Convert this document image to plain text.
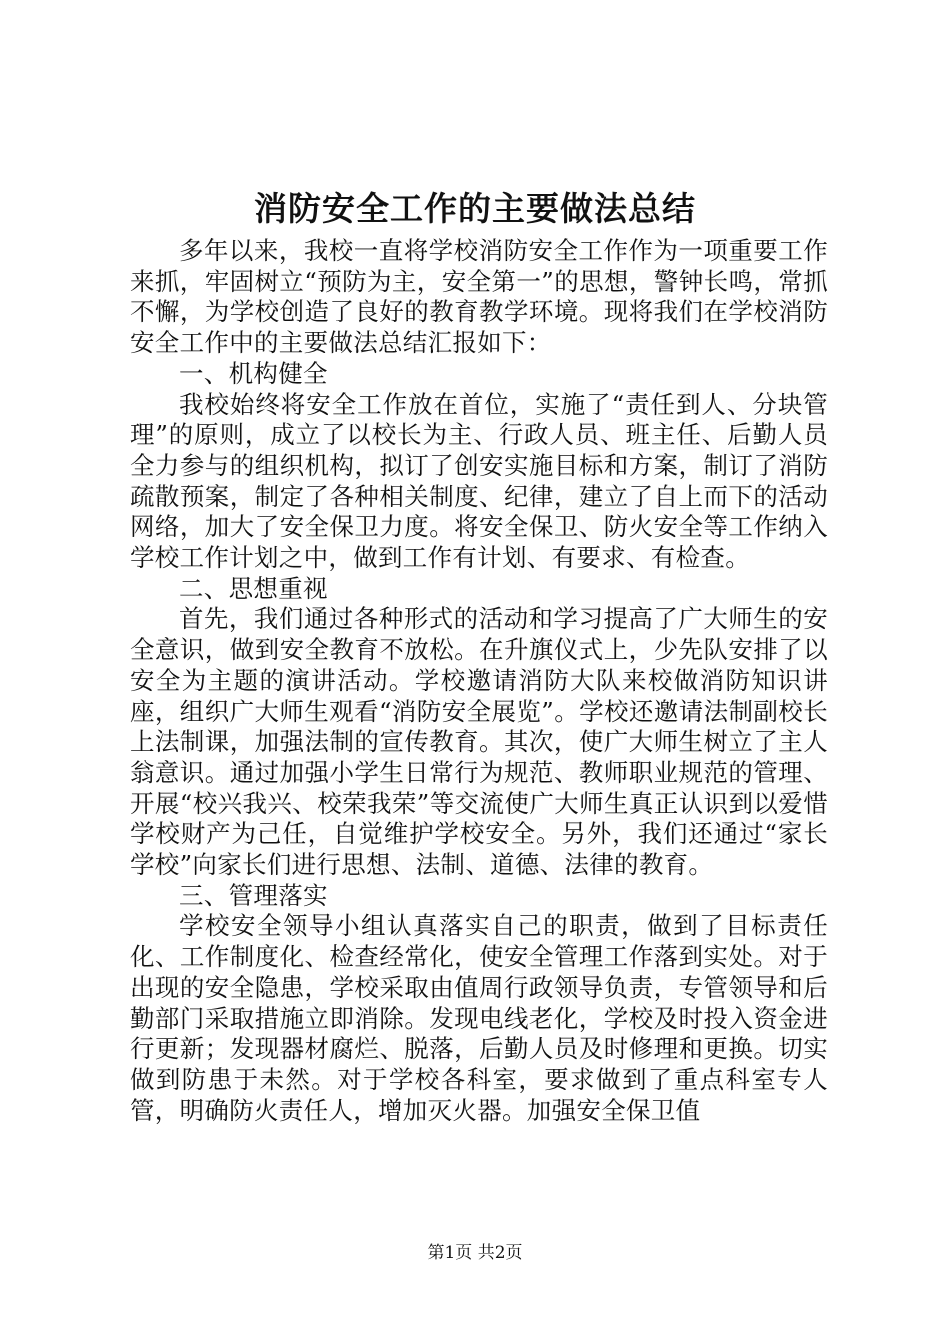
消防安全工作的主要做法总结

多年以来，我校一直将学校消防安全工作作为一项重要工作来抓，牢固树立“预防为主，安全第一”的思想，警钟长鸣，常抓不懈，为学校创造了良好的教育教学环境。现将我们在学校消防安全工作中的主要做法总结汇报如下：

一、机构健全

我校始终将安全工作放在首位，实施了“责任到人、分块管理”的原则，成立了以校长为主、行政人员、班主任、后勤人员全力参与的组织机构，拟订了创安实施目标和方案，制订了消防疏散预案，制定了各种相关制度、纪律，建立了自上而下的活动网络，加大了安全保卫力度。将安全保卫、防火安全等工作纳入学校工作计划之中，做到工作有计划、有要求、有检查。

二、思想重视

首先，我们通过各种形式的活动和学习提高了广大师生的安全意识，做到安全教育不放松。在升旗仪式上，少先队安排了以安全为主题的演讲活动。学校邀请消防大队来校做消防知识讲座，组织广大师生观看“消防安全展览”。学校还邀请法制副校长上法制课，加强法制的宣传教育。其次，使广大师生树立了主人翁意识。通过加强小学生日常行为规范、教师职业规范的管理、开展“校兴我兴、校荣我荣”等交流使广大师生真正认识到以爱惜学校财产为己任，自觉维护学校安全。另外，我们还通过“家长学校”向家长们进行思想、法制、道德、法律的教育。

三、管理落实

学校安全领导小组认真落实自己的职责，做到了目标责任化、工作制度化、检查经常化，使安全管理工作落到实处。对于出现的安全隐患，学校采取由值周行政领导负责，专管领导和后勤部门采取措施立即消除。发现电线老化，学校及时投入资金进行更新；发现器材腐烂、脱落，后勤人员及时修理和更换。切实做到防患于未然。对于学校各科室，要求做到了重点科室专人管，明确防火责任人，增加灭火器。加强安全保卫值

第1页 共2页
